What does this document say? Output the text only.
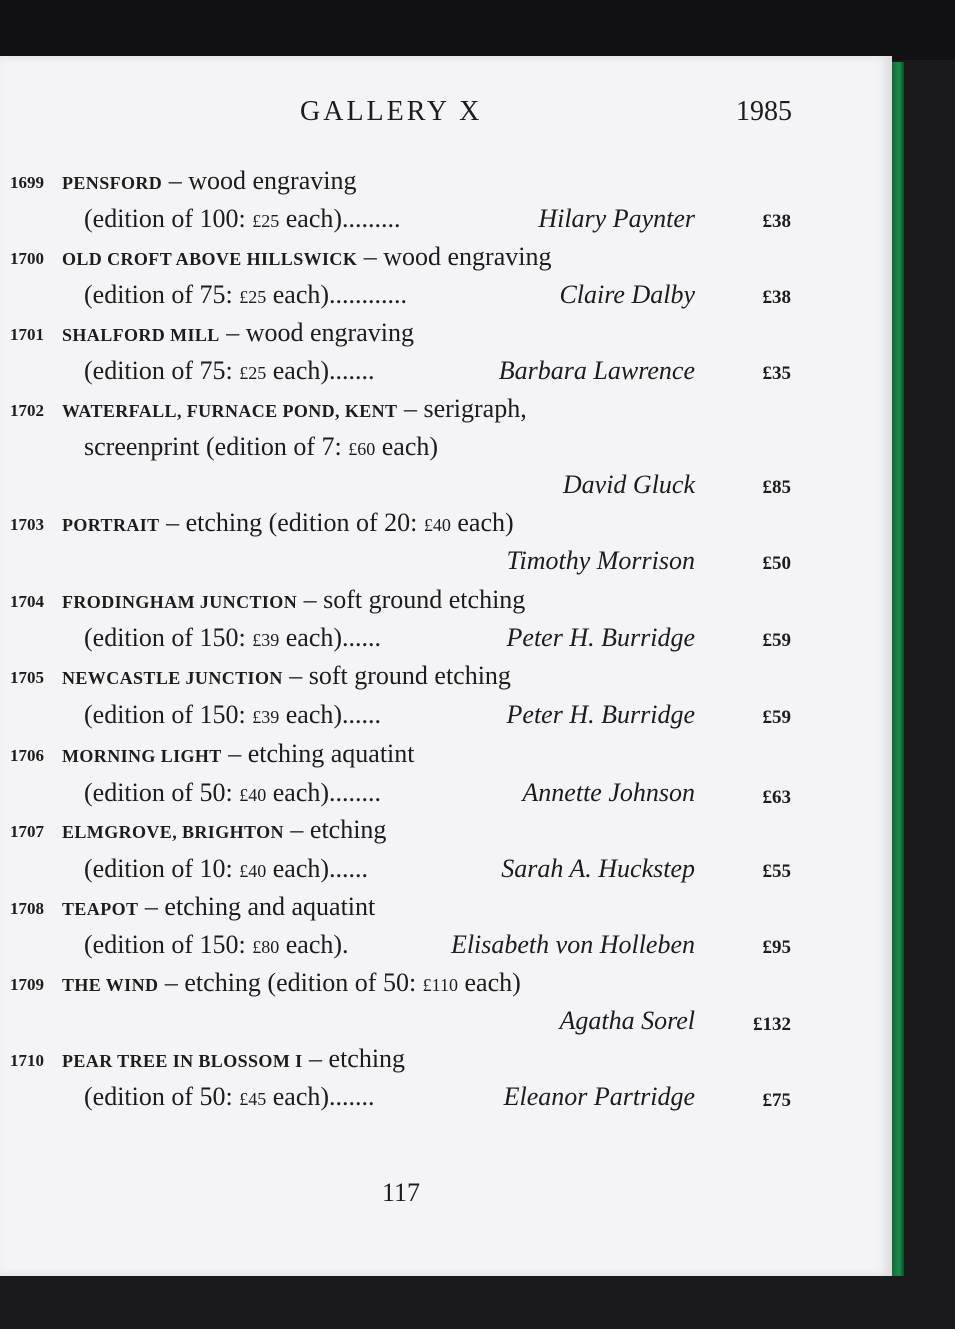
GALLERY X	1985
1699 PENSFORD – wood engraving
(edition of 100: £25 each).........	Hilary Paynter	£38
1700 OLD CROFT ABOVE HILLSWICK – wood engraving
(edition of 75: £25 each)............	Claire Dalby	£38
1701 SHALFORD MILL – wood engraving
(edition of 75: £25 each).......	Barbara Lawrence	£35
1702 WATERFALL, FURNACE POND, KENT – serigraph,
screenprint (edition of 7: £60 each)
David Gluck	£85
1703 PORTRAIT – etching (edition of 20: £40 each)
Timothy Morrison	£50
1704 FRODINGHAM JUNCTION – soft ground etching
(edition of 150: £39 each)......	Peter H. Burridge	£59
1705 NEWCASTLE JUNCTION – soft ground etching
(edition of 150: £39 each)......	Peter H. Burridge	£59
1706 MORNING LIGHT – etching aquatint
(edition of 50: £40 each)........	Annette Johnson	£63
1707 ELMGROVE, BRIGHTON – etching
(edition of 10: £40 each)......	Sarah A. Huckstep	£55
1708 TEAPOT – etching and aquatint
(edition of 150: £80 each).	Elisabeth von Holleben	£95
1709 THE WIND – etching (edition of 50: £110 each)
Agatha Sorel	£132
1710 PEAR TREE IN BLOSSOM I – etching
(edition of 50: £45 each).......	Eleanor Partridge	£75
117
